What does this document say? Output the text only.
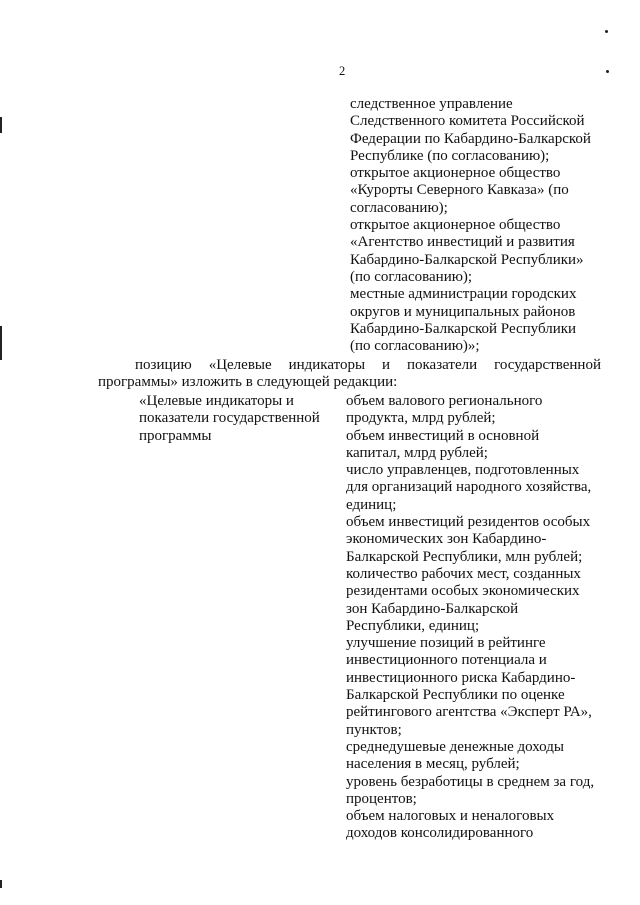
2
следственное управление
Следственного комитета Российской
Федерации по Кабардино-Балкарской
Республике (по согласованию);
открытое акционерное общество
«Курорты Северного Кавказа» (по
согласованию);
открытое акционерное общество
«Агентство инвестиций и развития
Кабардино-Балкарской Республики»
(по согласованию);
местные администрации городских
округов и муниципальных районов
Кабардино-Балкарской Республики
(по согласованию)»;
позицию «Целевые индикаторы и показатели государственной
программы» изложить в следующей редакции:
«Целевые индикаторы и
показатели государственной
программы
объем валового регионального
продукта, млрд рублей;
объем инвестиций в основной
капитал, млрд рублей;
число управленцев, подготовленных
для организаций народного хозяйства,
единиц;
объем инвестиций резидентов особых
экономических зон Кабардино-
Балкарской Республики, млн рублей;
количество рабочих мест, созданных
резидентами особых экономических
зон Кабардино-Балкарской
Республики, единиц;
улучшение позиций в рейтинге
инвестиционного потенциала и
инвестиционного риска Кабардино-
Балкарской Республики по оценке
рейтингового агентства «Эксперт РА»,
пунктов;
среднедушевые денежные доходы
населения в месяц, рублей;
уровень безработицы в среднем за год,
процентов;
объем налоговых и неналоговых
доходов консолидированного
